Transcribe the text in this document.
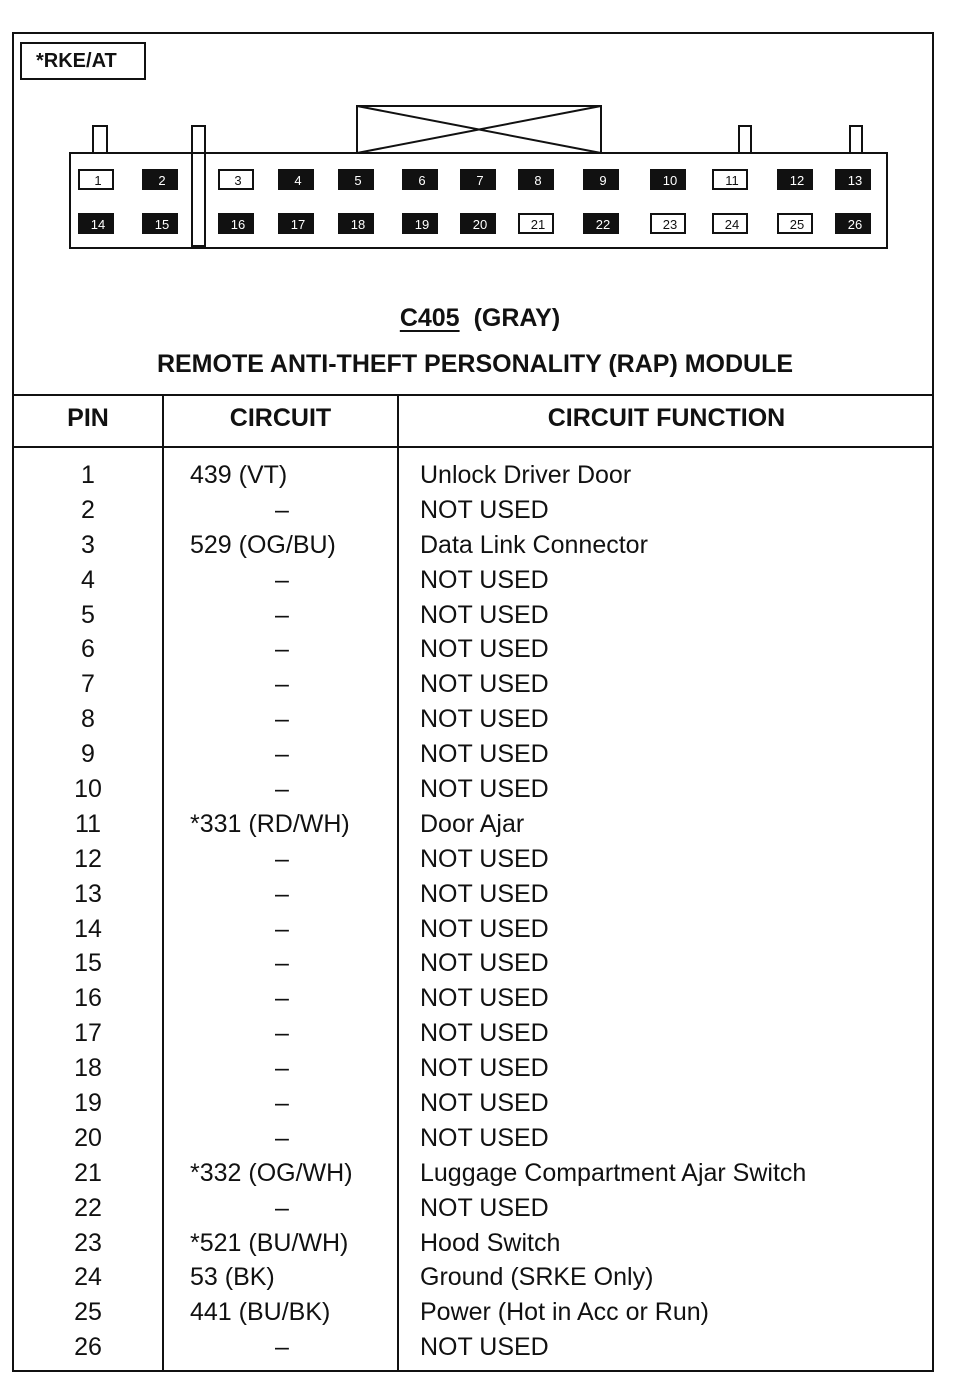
*RKE/AT
1	2	3	4	5	6	7	8	9	10	11	12	13
14	15	16	17	18	19	20	21	22	23	24	25	26
C405 (GRAY)
REMOTE ANTI-THEFT PERSONALITY (RAP) MODULE
PIN	CIRCUIT	CIRCUIT FUNCTION
1	439 (VT)	Unlock Driver Door
2	–	NOT USED
3	529 (OG/BU)	Data Link Connector
4	–	NOT USED
5	–	NOT USED
6	–	NOT USED
7	–	NOT USED
8	–	NOT USED
9	–	NOT USED
10	–	NOT USED
11	*331 (RD/WH)	Door Ajar
12	–	NOT USED
13	–	NOT USED
14	–	NOT USED
15	–	NOT USED
16	–	NOT USED
17	–	NOT USED
18	–	NOT USED
19	–	NOT USED
20	–	NOT USED
21	*332 (OG/WH)	Luggage Compartment Ajar Switch
22	–	NOT USED
23	*521 (BU/WH)	Hood Switch
24	53 (BK)	Ground (SRKE Only)
25	441 (BU/BK)	Power (Hot in Acc or Run)
26	–	NOT USED
